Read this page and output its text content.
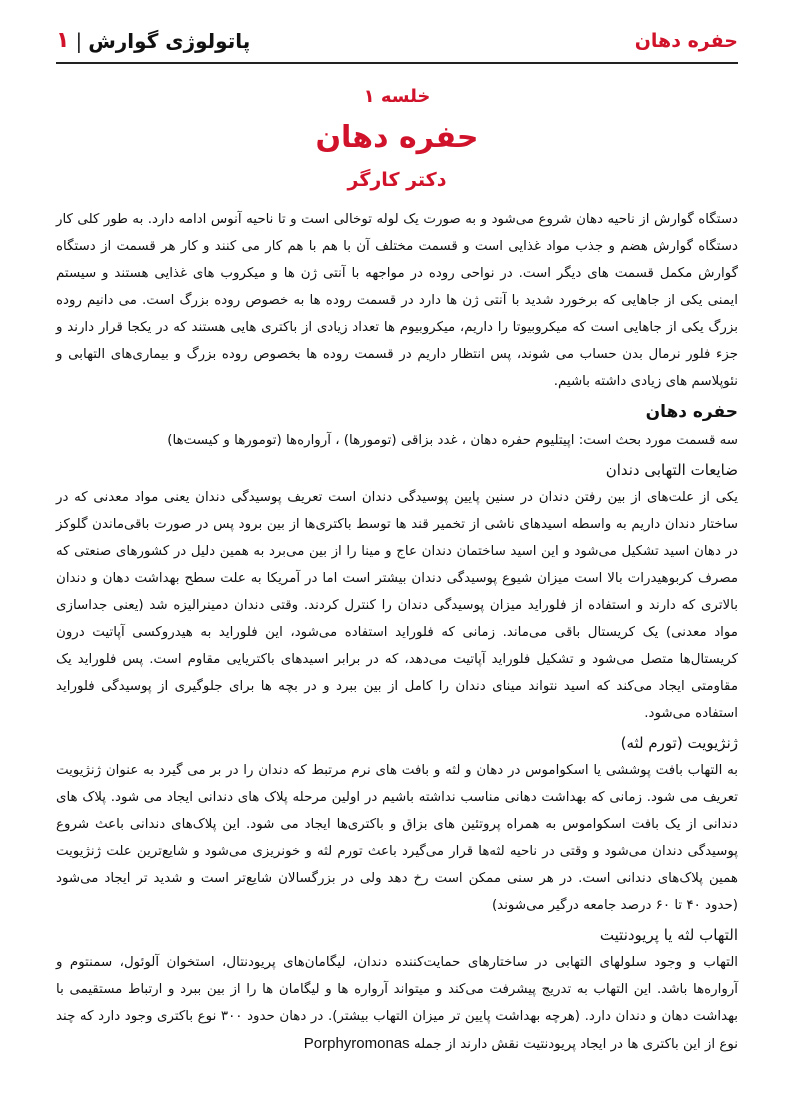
۱ | پاتولوژی گوارش	حفره دهان

خلسه ۱

حفره دهان

دکتر کارگر

دستگاه گوارش از ناحیه دهان شروع می‌شود و به صورت یک لوله توخالی است و تا ناحیه آنوس ادامه دارد. به طور کلی کار دستگاه گوارش هضم و جذب مواد غذایی است و قسمت مختلف آن با هم با هم کار می کنند و کار هر قسمت از دستگاه گوارش مکمل قسمت های دیگر است. در نواحی روده در مواجهه با آنتی ژن ها و میکروب های غذایی هستند و سیستم ایمنی یکی از جاهایی که برخورد شدید با آنتی ژن ها دارد در قسمت روده ها به خصوص روده بزرگ است. می دانیم روده بزرگ یکی از جاهایی است که میکروبیوتا را داریم، میکروبیوم ها تعداد زیادی از باکتری هایی هستند که در یکجا قرار دارند و جزء فلور نرمال بدن حساب می شوند، پس انتظار داریم در قسمت روده ها بخصوص روده بزرگ و بیماری‌های التهابی و نئوپلاسم های زیادی داشته باشیم.

حفره دهان

سه قسمت مورد بحث است: اپیتلیوم حفره دهان ، غدد بزاقی (تومورها) ، آرواره‌ها (تومورها و کیست‌ها)

ضایعات التهابی دندان

یکی از علت‌های از بین رفتن دندان در سنین پایین پوسیدگی دندان است تعریف پوسیدگی دندان یعنی مواد معدنی که در ساختار دندان داریم به واسطه اسیدهای ناشی از تخمیر قند ها توسط باکتری‌ها از بین برود پس در صورت باقی‌ماندن گلوکز در دهان اسید تشکیل می‌شود و این اسید ساختمان دندان عاج و مینا را از بین می‌برد به همین دلیل در کشورهای صنعتی که مصرف کربوهیدرات بالا است میزان شیوع پوسیدگی دندان بیشتر است اما در آمریکا به علت سطح بهداشت دهان و دندان بالاتری که دارند و استفاده از فلوراید میزان پوسیدگی دندان را کنترل کردند. وقتی دندان دمینرالیزه شد (یعنی جداسازی مواد معدنی) یک کریستال باقی می‌ماند. زمانی که فلوراید استفاده می‌شود، این فلوراید به هیدروکسی آپاتیت درون کریستال‌ها متصل می‌شود و تشکیل فلوراید آپاتیت می‌دهد، که در برابر اسیدهای باکتریایی مقاوم است. پس فلوراید یک مقاومتی ایجاد می‌کند که اسید نتواند مینای دندان را کامل از بین ببرد و در بچه ها برای جلوگیری از پوسیدگی فلوراید استفاده می‌شود.

ژنژیویت (تورم لثه)

به التهاب بافت پوششی یا اسکواموس در دهان و لثه و بافت های نرم مرتبط که دندان را در بر می گیرد به عنوان ژنژیویت تعریف می شود. زمانی که بهداشت دهانی مناسب نداشته باشیم در اولین مرحله پلاک های دندانی ایجاد می شود. پلاک های دندانی از یک بافت اسکواموس به همراه پروتئین های بزاق و باکتری‌ها ایجاد می شود. این پلاک‌های دندانی باعث شروع پوسیدگی دندان می‌شود و وقتی در ناحیه لثه‌ها قرار می‌گیرد باعث تورم لثه و خونریزی می‌شود و شایع‌ترین علت ژنژیویت همین پلاک‌های دندانی است. در هر سنی ممکن است رخ دهد ولی در بزرگسالان شایع‌تر است و شدید تر ایجاد می‌شود (حدود ۴۰ تا ۶۰ درصد جامعه درگیر می‌شوند)

التهاب لثه یا پریودنتیت

التهاب و وجود سلولهای التهابی در ساختارهای حمایت‌کننده دندان، لیگامان‌های پریودنتال، استخوان آلوئول، سمنتوم و آرواره‌ها باشد. این التهاب به تدریج پیشرفت می‌کند و میتواند آرواره ها و لیگامان ها را از بین ببرد و ارتباط مستقیمی با بهداشت دهان و دندان دارد. (هرچه بهداشت پایین تر میزان التهاب بیشتر). در دهان حدود ۳۰۰ نوع باکتری وجود دارد که چند نوع از این باکتری ها در ایجاد پریودنتیت نقش دارند از جمله Porphyromonas
